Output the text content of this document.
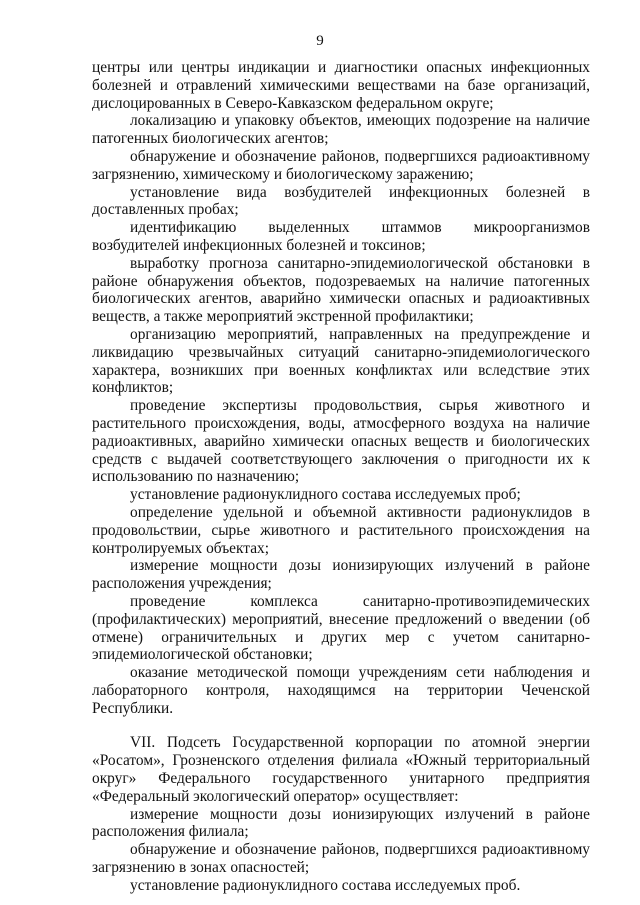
9

центры или центры индикации и диагностики опасных инфекционных болезней и отравлений химическими веществами на базе организаций, дислоцированных в Северо-Кавказском федеральном округе;

локализацию и упаковку объектов, имеющих подозрение на наличие патогенных биологических агентов;

обнаружение и обозначение районов, подвергшихся радиоактивному загрязнению, химическому и биологическому заражению;

установление вида возбудителей инфекционных болезней в доставленных пробах;

идентификацию выделенных штаммов микроорганизмов возбудителей инфекционных болезней и токсинов;

выработку прогноза санитарно-эпидемиологической обстановки в районе обнаружения объектов, подозреваемых на наличие патогенных биологических агентов, аварийно химически опасных и радиоактивных веществ, а также мероприятий экстренной профилактики;

организацию мероприятий, направленных на предупреждение и ликвидацию чрезвычайных ситуаций санитарно-эпидемиологического характера, возникших при военных конфликтах или вследствие этих конфликтов;

проведение экспертизы продовольствия, сырья животного и растительного происхождения, воды, атмосферного воздуха на наличие радиоактивных, аварийно химически опасных веществ и биологических средств с выдачей соответствующего заключения о пригодности их к использованию по назначению;

установление радионуклидного состава исследуемых проб;

определение удельной и объемной активности радионуклидов в продовольствии, сырье животного и растительного происхождения на контролируемых объектах;

измерение мощности дозы ионизирующих излучений в районе расположения учреждения;

проведение комплекса санитарно-противоэпидемических (профилактических) мероприятий, внесение предложений о введении (об отмене) ограничительных и других мер с учетом санитарно-эпидемиологической обстановки;

оказание методической помощи учреждениям сети наблюдения и лабораторного контроля, находящимся на территории Чеченской Республики.

VII. Подсеть Государственной корпорации по атомной энергии «Росатом», Грозненского отделения филиала «Южный территориальный округ» Федерального государственного унитарного предприятия «Федеральный экологический оператор» осуществляет:

измерение мощности дозы ионизирующих излучений в районе расположения филиала;

обнаружение и обозначение районов, подвергшихся радиоактивному загрязнению в зонах опасностей;

установление радионуклидного состава исследуемых проб.
